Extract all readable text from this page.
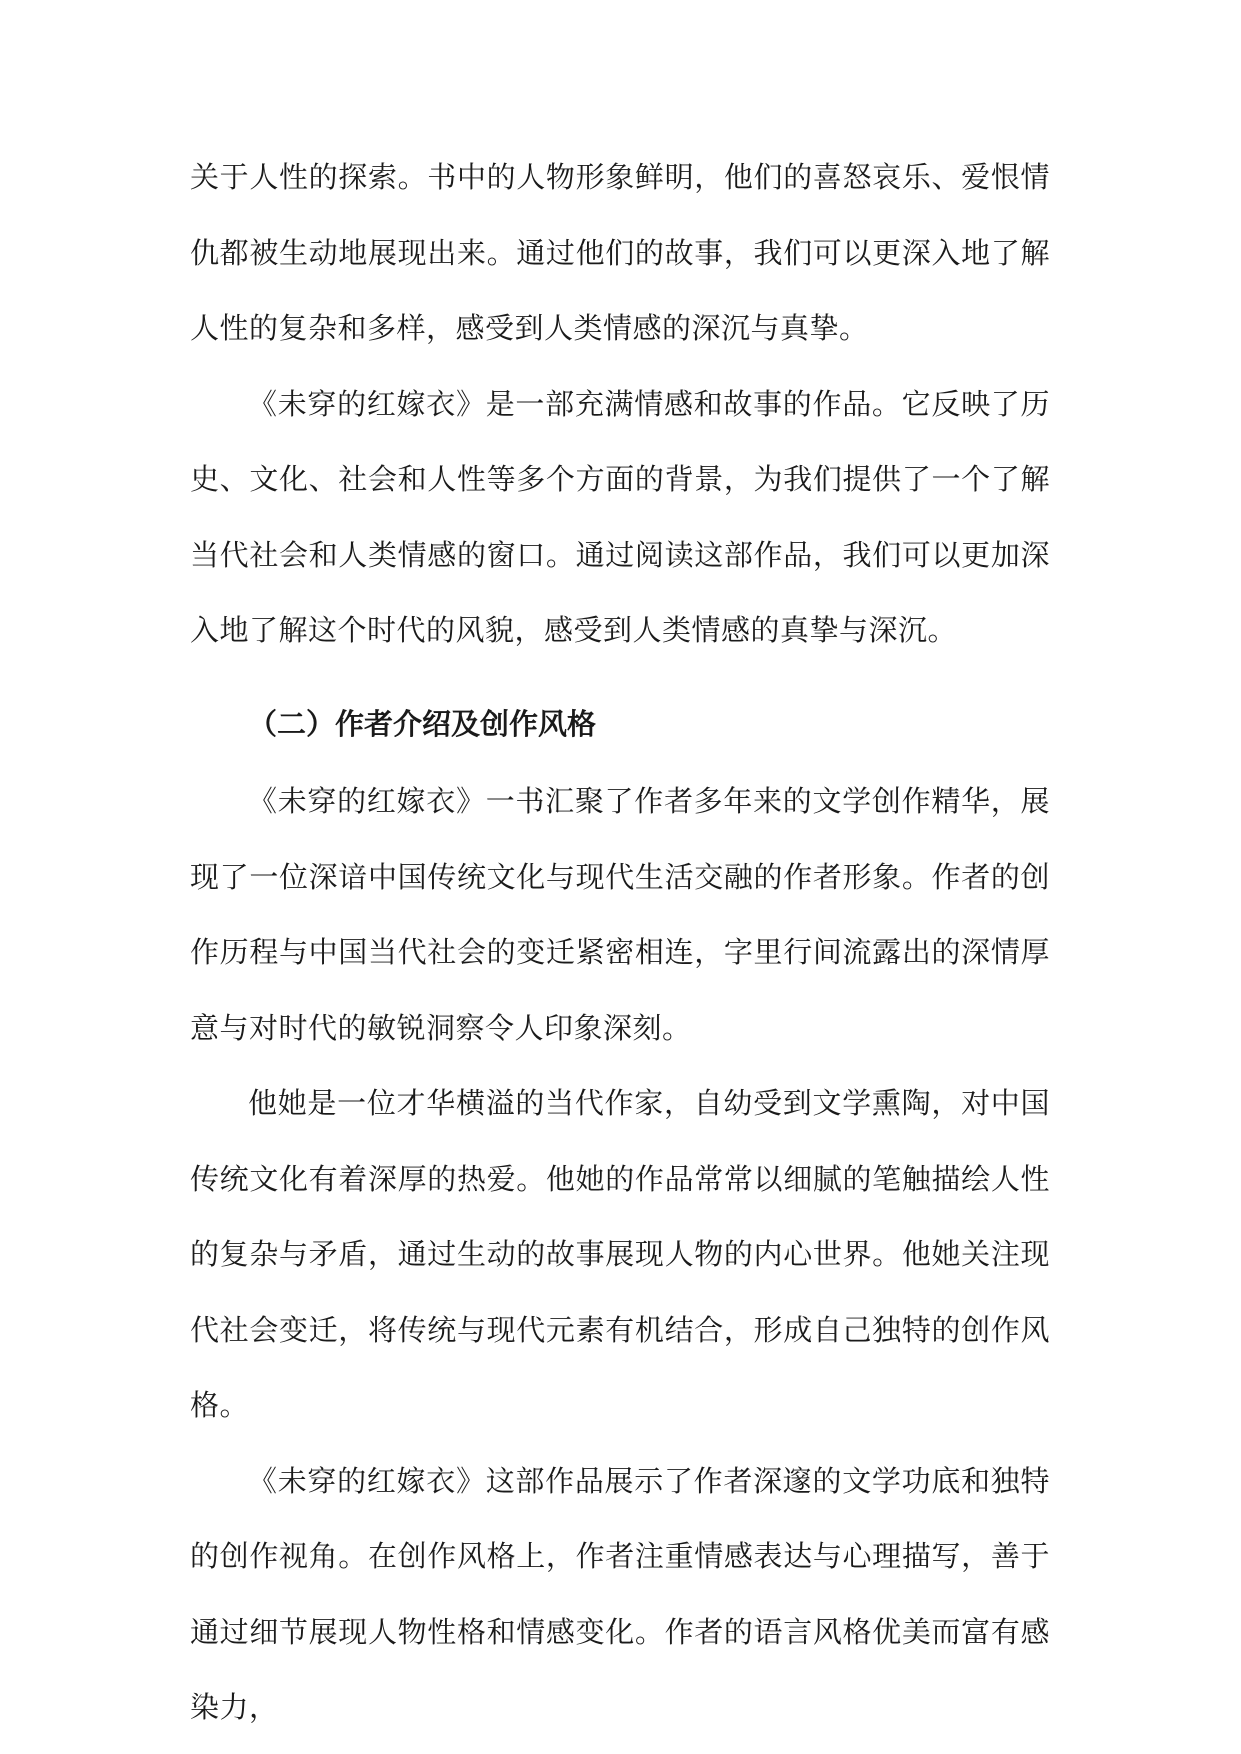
关于人性的探索。书中的人物形象鲜明，他们的喜怒哀乐、爱恨情仇都被生动地展现出来。通过他们的故事，我们可以更深入地了解人性的复杂和多样，感受到人类情感的深沉与真挚。

《未穿的红嫁衣》是一部充满情感和故事的作品。它反映了历史、文化、社会和人性等多个方面的背景，为我们提供了一个了解当代社会和人类情感的窗口。通过阅读这部作品，我们可以更加深入地了解这个时代的风貌，感受到人类情感的真挚与深沉。

（二）作者介绍及创作风格

《未穿的红嫁衣》一书汇聚了作者多年来的文学创作精华，展现了一位深谙中国传统文化与现代生活交融的作者形象。作者的创作历程与中国当代社会的变迁紧密相连，字里行间流露出的深情厚意与对时代的敏锐洞察令人印象深刻。

他她是一位才华横溢的当代作家，自幼受到文学熏陶，对中国传统文化有着深厚的热爱。他她的作品常常以细腻的笔触描绘人性的复杂与矛盾，通过生动的故事展现人物的内心世界。他她关注现代社会变迁，将传统与现代元素有机结合，形成自己独特的创作风格。

《未穿的红嫁衣》这部作品展示了作者深邃的文学功底和独特的创作视角。在创作风格上，作者注重情感表达与心理描写，善于通过细节展现人物性格和情感变化。作者的语言风格优美而富有感染力，
